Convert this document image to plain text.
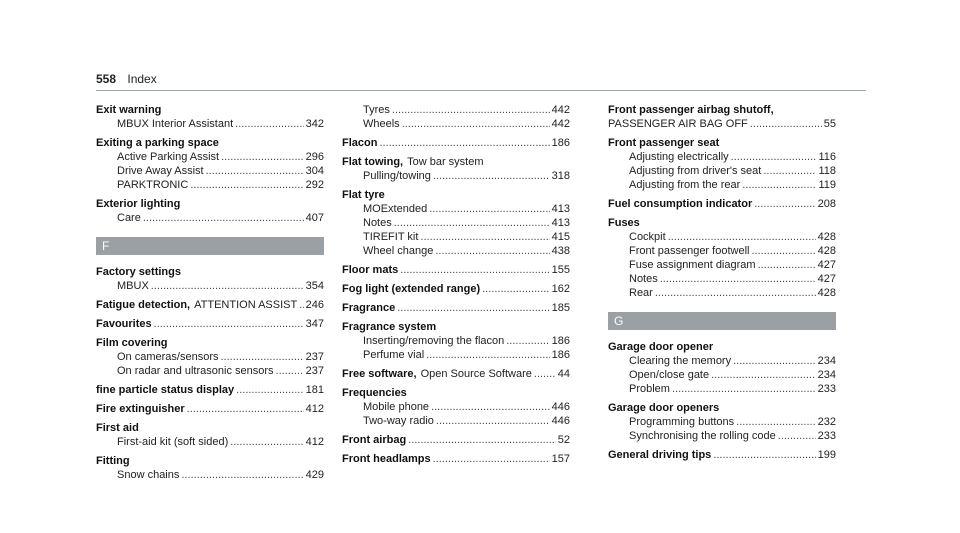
558 Index
Exit warning
MBUX Interior Assistant .....	342
Exiting a parking space
Active Parking Assist .....	296
Drive Away Assist .....	304
PARKTRONIC .....	292
Exterior lighting
Care .....	407
F
Factory settings
MBUX .....	354
Fatigue detection, ATTENTION ASSIST ..... 246
Favourites .....	347
Film covering
On cameras/sensors .....	237
On radar and ultrasonic sensors .....	237
fine particle status display .....	181
Fire extinguisher .....	412
First aid
First-aid kit (soft sided) .....	412
Fitting
Snow chains .....	429
Tyres .....	442
Wheels .....	442
Flacon .....	186
Flat towing, Tow bar system
Pulling/towing .....	318
Flat tyre
MOExtended .....	413
Notes .....	413
TIREFIT kit .....	415
Wheel change .....	438
Floor mats .....	155
Fog light (extended range) .....	162
Fragrance .....	185
Fragrance system
Inserting/removing the flacon .....	186
Perfume vial .....	186
Free software, Open Source Software ..... 44
Frequencies
Mobile phone .....	446
Two-way radio .....	446
Front airbag .....	52
Front headlamps .....	157
Front passenger airbag shutoff,
PASSENGER AIR BAG OFF .....	55
Front passenger seat
Adjusting electrically .....	116
Adjusting from driver's seat .....	118
Adjusting from the rear .....	119
Fuel consumption indicator .....	208
Fuses
Cockpit .....	428
Front passenger footwell .....	428
Fuse assignment diagram .....	427
Notes .....	427
Rear .....	428
G
Garage door opener
Clearing the memory .....	234
Open/close gate .....	234
Problem .....	233
Garage door openers
Programming buttons .....	232
Synchronising the rolling code .....	233
General driving tips .....	199
